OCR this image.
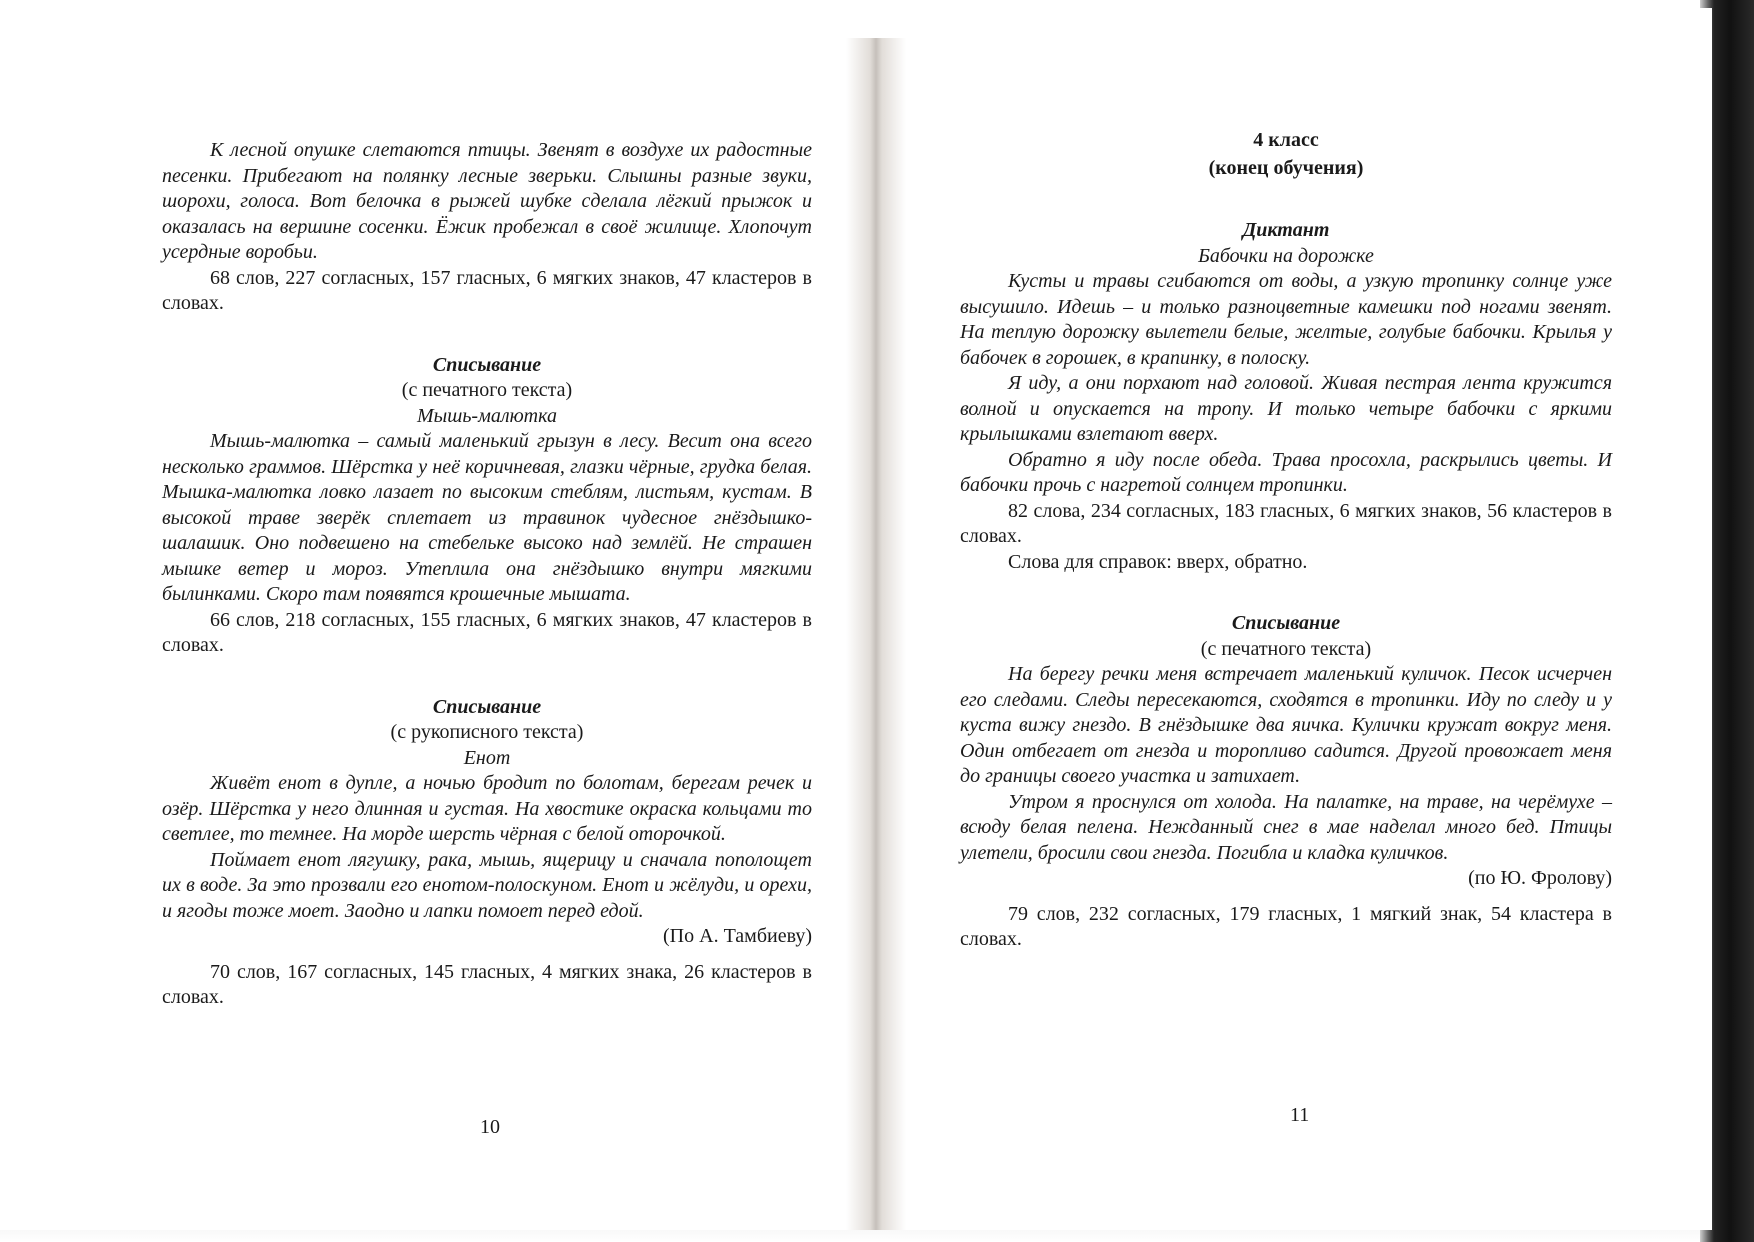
К лесной опушке слетаются птицы. Звенят в воздухе их радостные песенки. Прибегают на полянку лесные зверьки. Слышны разные звуки, шорохи, голоса. Вот белочка в рыжей шубке сделала лёгкий прыжок и оказалась на вершине сосенки. Ёжик пробежал в своё жилище. Хлопочут усердные воробьи.

68 слов, 227 согласных, 157 гласных, 6 мягких знаков, 47 кластеров в словах.

Списывание

(с печатного текста)

Мышь-малютка

Мышь-малютка – самый маленький грызун в лесу. Весит она всего несколько граммов. Шёрстка у неё коричневая, глазки чёрные, грудка белая. Мышка-малютка ловко лазает по высоким стеблям, листьям, кустам. В высокой траве зверёк сплетает из травинок чудесное гнёздышко-шалашик. Оно подвешено на стебельке высоко над землёй. Не страшен мышке ветер и мороз. Утеплила она гнёздышко внутри мягкими былинками. Скоро там появятся крошечные мышата.

66 слов, 218 согласных, 155 гласных, 6 мягких знаков, 47 кластеров в словах.

Списывание

(с рукописного текста)

Енот

Живёт енот в дупле, а ночью бродит по болотам, берегам речек и озёр. Шёрстка у него длинная и густая. На хвостике окраска кольцами то светлее, то темнее. На морде шерсть чёрная с белой оторочкой.

Поймает енот лягушку, рака, мышь, ящерицу и сначала пополощет их в воде. За это прозвали его енотом-полоскуном. Енот и жёлуди, и орехи, и ягоды тоже моет. Заодно и лапки помоет перед едой.

(По А. Тамбиеву)

70 слов, 167 согласных, 145 гласных, 4 мягких знака, 26 кластеров в словах.

10

4 класс

(конец обучения)

Диктант

Бабочки на дорожке

Кусты и травы сгибаются от воды, а узкую тропинку солнце уже высушило. Идешь – и только разноцветные камешки под ногами звенят. На теплую дорожку вылетели белые, желтые, голубые бабочки. Крылья у бабочек в горошек, в крапинку, в полоску.

Я иду, а они порхают над головой. Живая пестрая лента кружится волной и опускается на тропу. И только четыре бабочки с яркими крылышками взлетают вверх.

Обратно я иду после обеда. Трава просохла, раскрылись цветы. И бабочки прочь с нагретой солнцем тропинки.

82 слова, 234 согласных, 183 гласных, 6 мягких знаков, 56 кластеров в словах.

Слова для справок: вверх, обратно.

Списывание

(с печатного текста)

На берегу речки меня встречает маленький куличок. Песок исчерчен его следами. Следы пересекаются, сходятся в тропинки. Иду по следу и у куста вижу гнездо. В гнёздышке два яичка. Кулички кружат вокруг меня. Один отбегает от гнезда и торопливо садится. Другой провожает меня до границы своего участка и затихает.

Утром я проснулся от холода. На палатке, на траве, на черёмухе – всюду белая пелена. Нежданный снег в мае наделал много бед. Птицы улетели, бросили свои гнезда. Погибла и кладка куличков.

(по Ю. Фролову)

79 слов, 232 согласных, 179 гласных, 1 мягкий знак, 54 кластера в словах.

11
